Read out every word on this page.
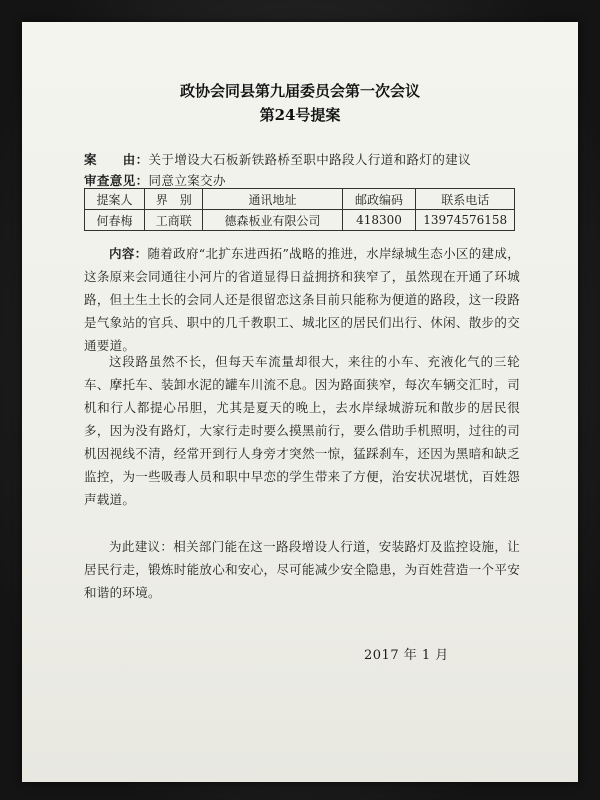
政协会同县第九届委员会第一次会议
第24号提案
案　　由：关于增设大石板新铁路桥至职中路段人行道和路灯的建议
审查意见：同意立案交办
提案人	界　别	通讯地址	邮政编码	联系电话
何春梅	工商联	德森板业有限公司	418300	13974576158

内容：随着政府“北扩东进西拓”战略的推进，水岸绿城生态小区的建成，这条原来会同通往小河片的省道显得日益拥挤和狭窄了，虽然现在开通了环城路，但土生土长的会同人还是很留恋这条目前只能称为便道的路段，这一段路是气象站的官兵、职中的几千教职工、城北区的居民们出行、休闲、散步的交通要道。

这段路虽然不长，但每天车流量却很大，来往的小车、充液化气的三轮车、摩托车、装卸水泥的罐车川流不息。因为路面狭窄，每次车辆交汇时，司机和行人都提心吊胆，尤其是夏天的晚上，去水岸绿城游玩和散步的居民很多，因为没有路灯，大家行走时要么摸黑前行，要么借助手机照明，过往的司机因视线不清，经常开到行人身旁才突然一惊，猛踩刹车，还因为黑暗和缺乏监控，为一些吸毒人员和职中早恋的学生带来了方便，治安状况堪忧，百姓怨声载道。

为此建议：相关部门能在这一路段增设人行道，安装路灯及监控设施，让居民行走，锻炼时能放心和安心，尽可能减少安全隐患，为百姓营造一个平安和谐的环境。

2017 年 1 月
